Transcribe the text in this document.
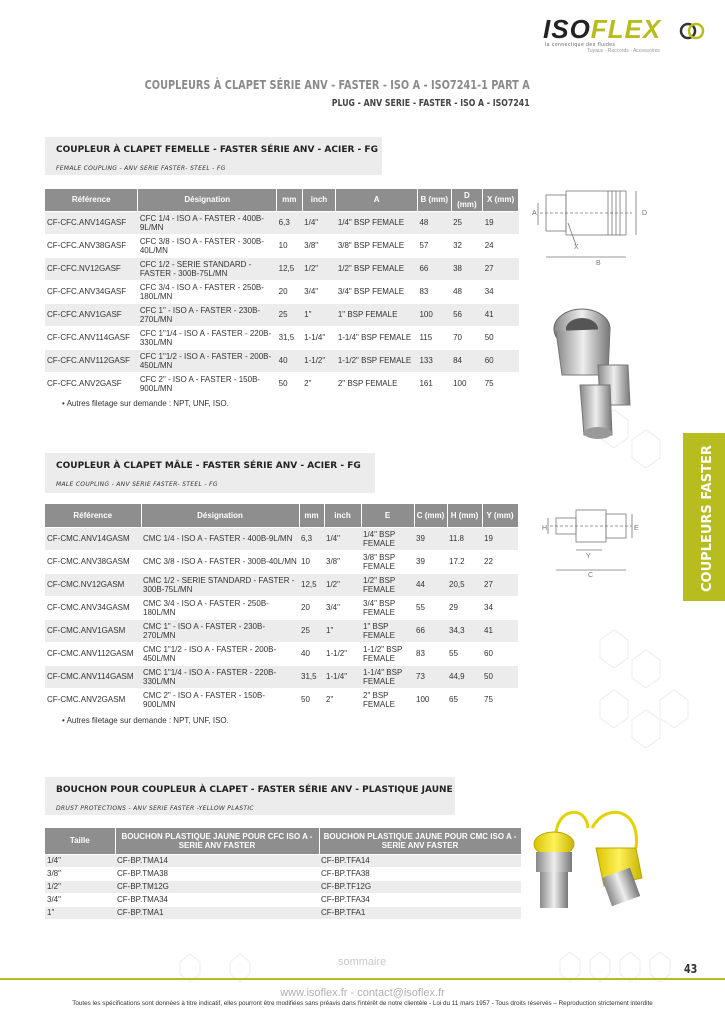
ISOFLEX
la connectique des fluides
Tuyaux - Raccords - Accessoires
COUPLEURS À CLAPET SÉRIE ANV - FASTER - ISO A - ISO7241-1 PART A
PLUG - ANV SERIE - FASTER - ISO A - ISO7241
COUPLEUR À CLAPET FEMELLE - FASTER SÉRIE ANV - ACIER - FG
FEMALE COUPLING - ANV SERIE FASTER- STEEL - FG
Référence	Désignation	mm	inch	A	B (mm)	D (mm)	X (mm)
CF-CFC.ANV14GASF	CFC 1/4 - ISO A - FASTER - 400B-9L/MN	6,3	1/4"	1/4" BSP FEMALE	48	25	19
CF-CFC.ANV38GASF	CFC 3/8 - ISO A - FASTER - 300B-40L/MN	10	3/8"	3/8" BSP FEMALE	57	32	24
CF-CFC.NV12GASF	CFC 1/2 - SERIE STANDARD - FASTER - 300B-75L/MN	12,5	1/2"	1/2" BSP FEMALE	66	38	27
CF-CFC.ANV34GASF	CFC 3/4 - ISO A - FASTER - 250B-180L/MN	20	3/4"	3/4" BSP FEMALE	83	48	34
CF-CFC.ANV1GASF	CFC 1" - ISO A - FASTER - 230B-270L/MN	25	1"	1" BSP FEMALE	100	56	41
CF-CFC.ANV114GASF	CFC 1"1/4 - ISO A - FASTER - 220B-330L/MN	31,5	1-1/4"	1-1/4" BSP FEMALE	115	70	50
CF-CFC.ANV112GASF	CFC 1"1/2 - ISO A - FASTER - 200B-450L/MN	40	1-1/2"	1-1/2" BSP FEMALE	133	84	60
CF-CFC.ANV2GASF	CFC 2" - ISO A - FASTER - 150B-900L/MN	50	2"	2" BSP FEMALE	161	100	75
• Autres filetage sur demande : NPT, UNF, ISO.
B
D
X
A
COUPLEUR À CLAPET MÂLE - FASTER SÉRIE ANV - ACIER - FG
MALE COUPLING - ANV SERIE FASTER- STEEL - FG
Référence	Désignation	mm	inch	E	C (mm)	H (mm)	Y (mm)
CF-CMC.ANV14GASM	CMC 1/4 - ISO A - FASTER - 400B-9L/MN	6,3	1/4"	1/4" BSP FEMALE	39	11.8	19
CF-CMC.ANV38GASM	CMC 3/8 - ISO A - FASTER - 300B-40L/MN	10	3/8"	3/8" BSP FEMALE	39	17.2	22
CF-CMC.NV12GASM	CMC 1/2 - SERIE STANDARD - FASTER - 300B-75L/MN	12,5	1/2"	1/2" BSP FEMALE	44	20,5	27
CF-CMC.ANV34GASM	CMC 3/4 - ISO A - FASTER - 250B-180L/MN	20	3/4"	3/4" BSP FEMALE	55	29	34
CF-CMC.ANV1GASM	CMC 1" - ISO A - FASTER - 230B-270L/MN	25	1"	1" BSP FEMALE	66	34,3	41
CF-CMC.ANV112GASM	CMC 1"1/2 - ISO A - FASTER - 200B-450L/MN	40	1-1/2"	1-1/2" BSP FEMALE	83	55	60
CF-CMC.ANV114GASM	CMC 1"1/4 - ISO A - FASTER - 220B-330L/MN	31,5	1-1/4"	1-1/4" BSP FEMALE	73	44,9	50
CF-CMC.ANV2GASM	CMC 2" - ISO A - FASTER - 150B-900L/MN	50	2"	2" BSP FEMALE	100	65	75
• Autres filetage sur demande : NPT, UNF, ISO.
H	E
Y
C	COUPLEURS FASTER
BOUCHON POUR COUPLEUR À CLAPET - FASTER SÉRIE ANV - PLASTIQUE JAUNE
DRUST PROTECTIONS - ANV SERIE FASTER -YELLOW PLASTIC
Taille	BOUCHON PLASTIQUE JAUNE POUR CFC ISO A - SERIE ANV FASTER	BOUCHON PLASTIQUE JAUNE POUR CMC ISO A - SERIE ANV FASTER
1/4"	CF-BP.TMA14	CF-BP.TFA14
3/8"	CF-BP.TMA38	CF-BP.TFA38
1/2"	CF-BP.TM12G	CF-BP.TF12G
3/4"	CF-BP.TMA34	CF-BP.TFA34
1"	CF-BP.TMA1	CF-BP.TFA1
sommaire	43
www.isoflex.fr - contact@isoflex.fr
Toutes les spécifications sont données à titre indicatif, elles pourront être modifiées sans préavis dans l'intérêt de notre clientèle - Loi du 11 mars 1957 - Tous droits réservés – Reproduction strictement interdite
